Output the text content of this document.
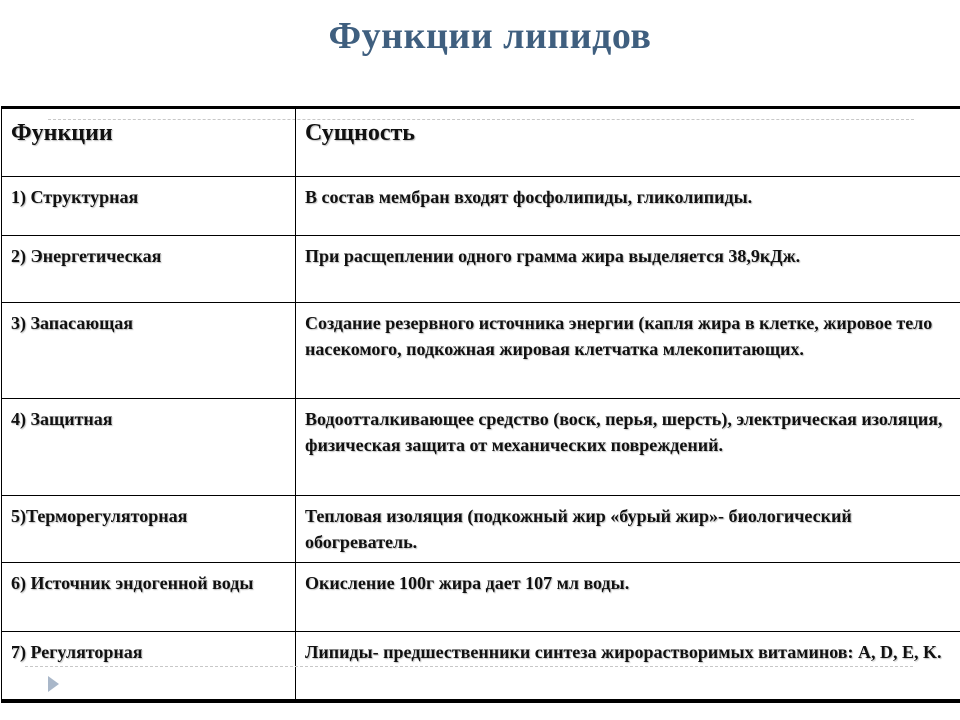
Функции липидов
Функции	Сущность
1) Структурная	В состав мембран входят фосфолипиды, гликолипиды.
2) Энергетическая	При расщеплении одного грамма жира выделяется 38,9кДж.
3) Запасающая	Создание резервного источника энергии (капля жира в клетке, жировое тело насекомого, подкожная жировая клетчатка млекопитающих.
4) Защитная	Водоотталкивающее средство (воск, перья, шерсть), электрическая изоляция, физическая защита от механических повреждений.
5)Терморегуляторная	Тепловая изоляция (подкожный жир «бурый жир»- биологический обогреватель.
6) Источник эндогенной воды	Окисление 100г жира дает 107 мл воды.
7) Регуляторная	Липиды- предшественники синтеза жирорастворимых витаминов: A, D, E, K.
